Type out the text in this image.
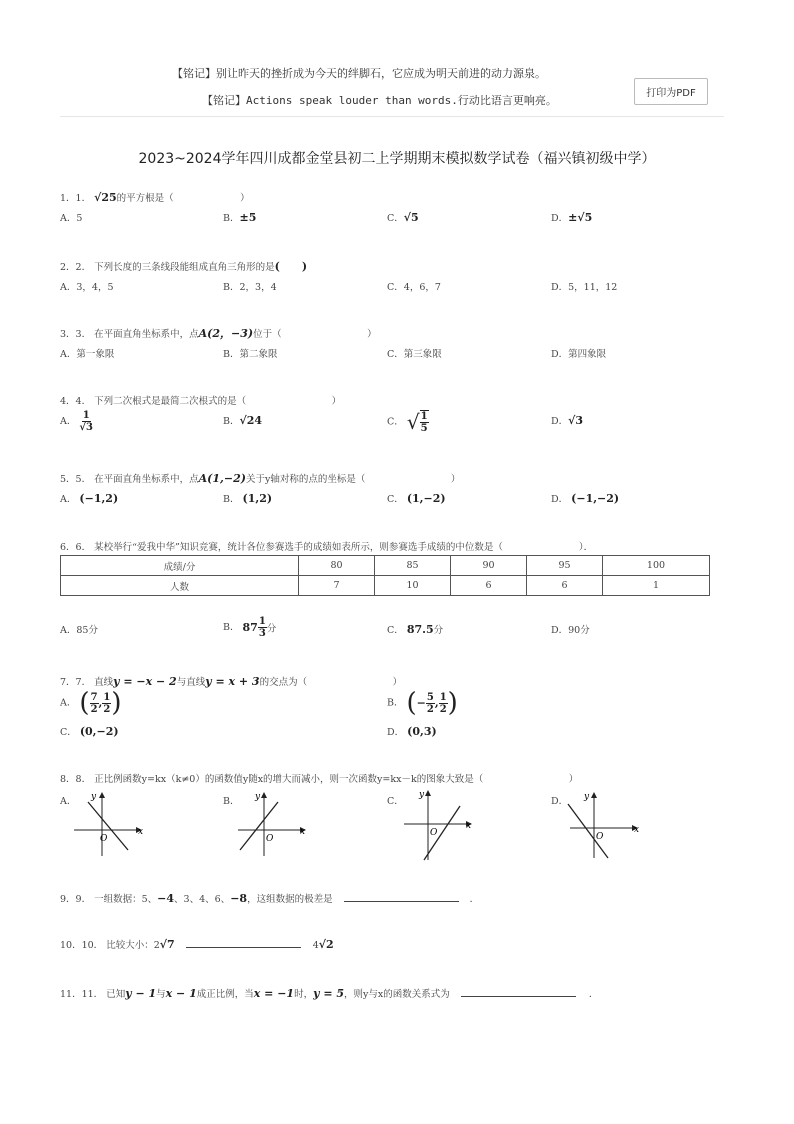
【铭记】别让昨天的挫折成为今天的绊脚石，它应成为明天前进的动力源泉。
【铭记】Actions speak louder than words.行动比语言更响亮。
打印为PDF
2023~2024学年四川成都金堂县初二上学期期末模拟数学试卷（福兴镇初级中学）
1．1． √25的平方根是（　　　　　　　）
A．5	B．±5	C．√5	D．±√5
2．2． 下列长度的三条线段能组成直角三角形的是(　　)
A．3，4，5	B．2，3，4	C．4，6，7	D．5，11，12
3．3． 在平面直角坐标系中，点A(2，−3)位于（　　　　　　　　　）
A．第一象限	B．第二象限	C．第三象限	D．第四象限
4．4． 下列二次根式是最简二次根式的是（　　　　　　　　　）
A． $\frac{1}{√3}$	B．√24	C． √ $\frac{1}{5}$	D．√3
5．5． 在平面直角坐标系中，点A(1,−2)关于y轴对称的点的坐标是（　　　　　　　　　）
A． (−1,2)	B． (1,2)	C． (1,−2)	D． (−1,−2)
6．6． 某校举行“爱我中华”知识竞赛，统计各位参赛选手的成绩如表所示，则参赛选手成绩的中位数是（　　　　　　　　）．
成绩/分	80	85	90	95	100
人数	7	10	6	6	1
A．85分	B． $87 \frac{1}{3}$ 分	C． 87.5分	D．90分
7．7． 直线y = −x − 2与直线y = x + 3的交点为（　　　　　　　　　）
A． ( $\frac{7}{2}$ , $\frac{1}{2}$ )	B． (− $\frac{5}{2}$ , $\frac{1}{2}$ )
C． (0,−2)	D． (0,3)
8．8． 正比例函数y=kx（k≠0）的函数值y随x的增大而减小，则一次函数y=kx－k的图象大致是（　　　　　　　　　）
A．	B．	C．	D．
y
x
O
y
x
O
y
x
O
y
x
O
9．9． 一组数据：5、−4、3、4、6、−8，这组数据的极差是	．
10．10． 比较大小：2√7	4√2
11．11． 已知y − 1与x − 1成正比例，当x = −1时，y = 5，则y与x的函数关系式为	．
